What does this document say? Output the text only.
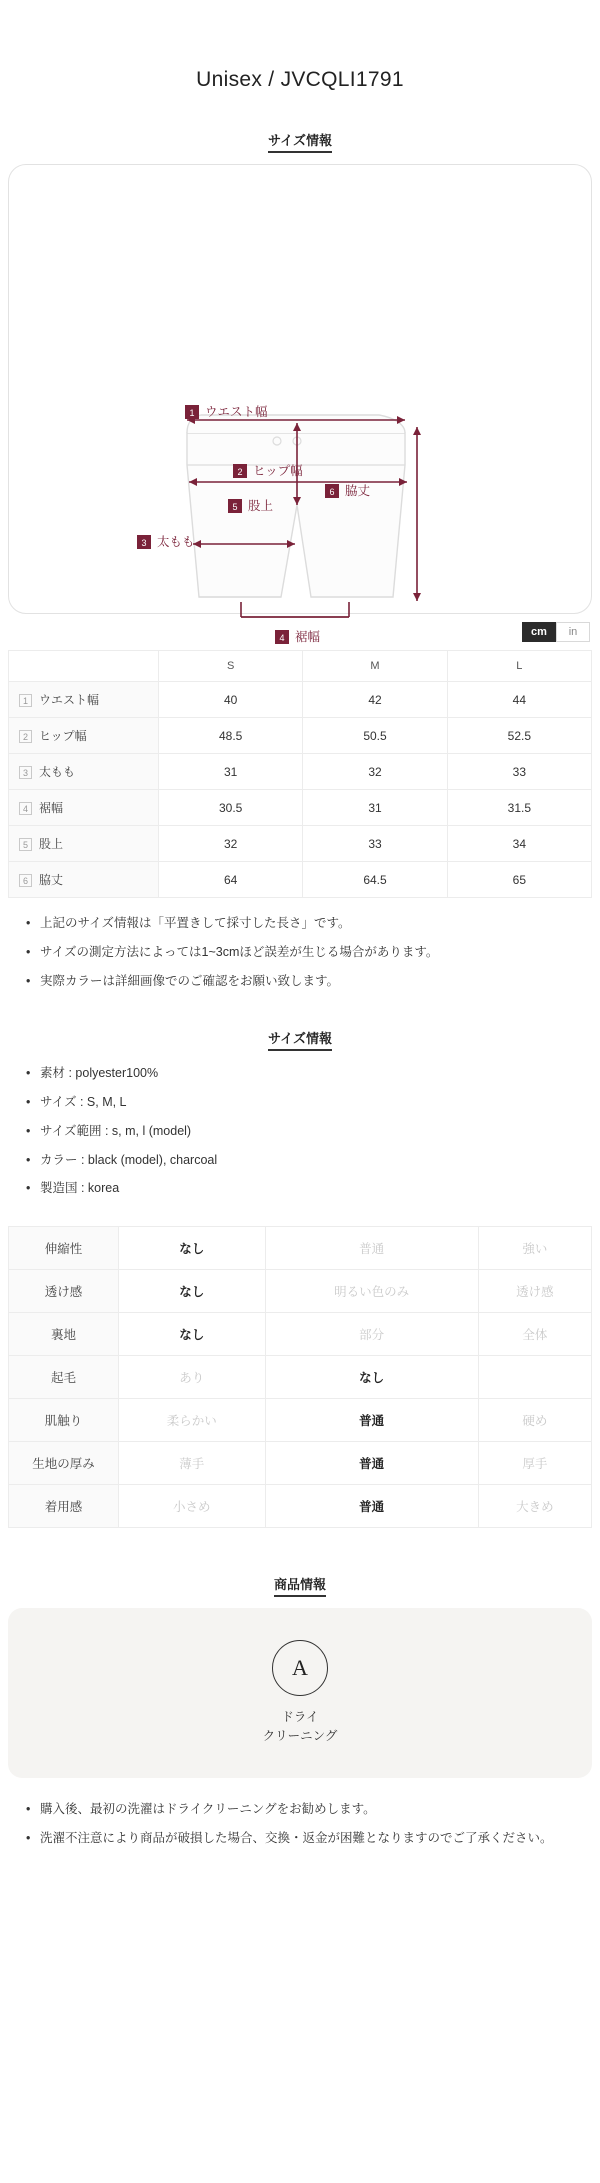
Unisex / JVCQLI1791
サイズ情報
1 ウエスト幅
2 ヒップ幅
3 太もも
4 裾幅
5 股上
6 脇丈
cm	in
	S	M	L
1 ウエスト幅	40	42	44
2 ヒップ幅	48.5	50.5	52.5
3 太もも	31	32	33
4 裾幅	30.5	31	31.5
5 股上	32	33	34
6 脇丈	64	64.5	65
• 上記のサイズ情報は「平置きして採寸した長さ」です。
• サイズの測定方法によっては1~3cmほど誤差が生じる場合があります。
• 実際カラーは詳細画像でのご確認をお願い致します。
サイズ情報
• 素材 : polyester100%
• サイズ : S, M, L
• サイズ範囲 : s, m, l (model)
• カラー : black (model), charcoal
• 製造国 : korea
伸縮性	なし	普通	強い
透け感	なし	明るい色のみ	透け感
裏地	なし	部分	全体
起毛	あり	なし	
肌触り	柔らかい	普通	硬め
生地の厚み	薄手	普通	厚手
着用感	小さめ	普通	大きめ
商品情報
A
ドライ
クリーニング
• 購入後、最初の洗濯はドライクリーニングをお勧めします。
• 洗濯不注意により商品が破損した場合、交換・返金が困難となりますのでご了承ください。
